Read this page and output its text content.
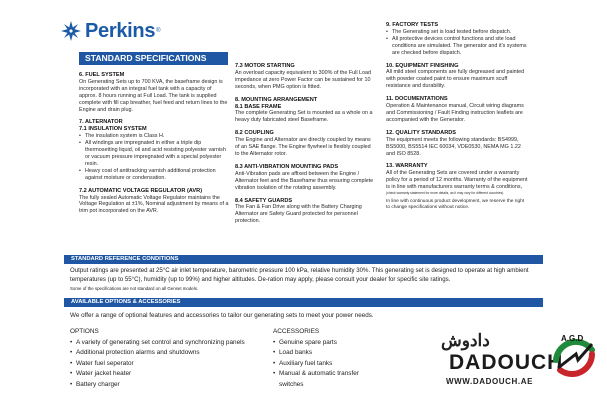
Perkins ®
STANDARD SPECIFICATIONS

6. FUEL SYSTEM

On Generating Sets up to 700 KVA, the baseframe design is incorporated with an integral fuel tank with a capacity of approx. 8 hours running at Full Load. The tank is supplied complete with fill cap breather, fuel feed and return lines to the Engine and drain plug.

7. ALTERNATOR

7.1 INSULATION SYSTEM

• The insulation system is Class H.

• All windings are impregnated in either a triple dip thermosetting liquid, oil and acid resisting polyester varnish or vacuum pressure impregnated with a special polyester resin.

• Heavy coat of antitracking varnish additional protection against moisture or condensation.

7.2 AUTOMATIC VOLTAGE REGULATOR (AVR)

The fully sealed Automatic Voltage Regulator maintains the Voltage Regulation at ±1%, Nominal adjustment by means of a trim pot incorporated on the AVR.

7.3 MOTOR STARTING

An overload capacity equivalent to 300% of the Full Load impedance at zero Power Factor can be sustained for 10 seconds, when PMG option is fitted.

8. MOUNTING ARRANGEMENT

8.1 BASE FRAME

The complete Generating Set is mounted as a whole on a heavy duty fabricated steel Baseframe.

8.2 COUPLING

The Engine and Alternator are directly coupled by means of an SAE flange. The Engine flywheel is flexibly coupled to the Alternator rotor.

8.3 ANTI-VIBRATION MOUNTING PADS

Anti-Vibration pads are affixed between the Engine / Alternator feet and the Baseframe thus ensuring complete vibration isolation of the rotating assembly.

8.4 SAFETY GUARDS

The Fan & Fan Drive along with the Battery Charging Alternator are Safety Guard protected for personnel protection.

9. FACTORY TESTS

• The Generating set is load tested before dispatch.

• All protective devices control functions and site load conditions are simulated. The generator and it's systems are checked before dispatch.

10. EQUIPMENT FINISHING

All mild steel components are fully degreased and painted with powder coated paint to ensure maximum scuff resistance and durability.

11. DOCUMENTATIONS

Operation & Maintenance manual, Circuit wiring diagrams and Commissioning / Fault Finding instruction leaflets are accompanied with the Generator.

12. QUALITY STANDARDS

The equipment meets the following standards: BS4999, BS5000, BS5514 IEC 60034, VDE0530, NEMA MG 1.22 and ISO 8528.

13. WARRANTY

All of the Generating Sets are covered under a warranty policy for a period of 12 months. Warranty of the equipment is in line with manufacturers warranty terms & conditions,

(check warranty statement for more details, as it may vary for different countries)

In line with continuous product development, we reserve the right to change specifications without notice.

STANDARD REFERENCE CONDITIONS
Output ratings are presented at 25°C air inlet temperature, barometric pressure 100 kPa, relative humidity 30%. This generating set is designed to operate at high ambient temperatures (up to 55°C), humidity (up to 99%) and higher altitudes. De-ration may apply, please consult your dealer for specific site ratings.
Some of the specifications are not standard on all Genset models.
AVAILABLE OPTIONS & ACCESSORIES
We offer a range of optional features and accessories to tailor our generating sets to meet your power needs.
OPTIONS
• A variety of generating set control and synchronizing panels
• Additional protection alarms and shutdowns
• Water fuel seperator
• Water jacket heater
• Battery charger
ACCESSORIES
• Genuine spare parts
• Load banks
• Auxiliary fuel tanks
• Manual & automatic transfer
switches
دادوش
DADOUCH
WWW.DADOUCH.AE
A.G.D
